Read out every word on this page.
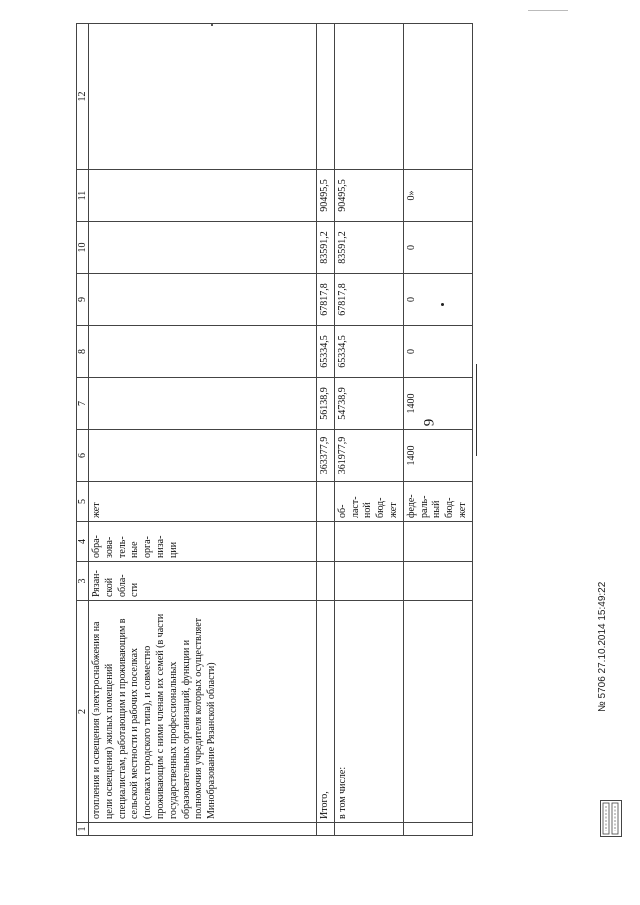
9
1	2	3	4	5	6	7	8	9	10	11	12
	отопления и освещения (электроснабжения на цели освещения) жилых помещений специалистам, работающим и проживающим в сельской местности и рабочих поселках (поселках городского типа), и совместно проживающим с ними членам их семей (в части государственных профессиональных образовательных организаций, функции и полномочия учредителя которых осуществляет Минобразование Рязанской области)	Рязан-ской обла-сти	обра-зова-тель-ные орга-низа-ции	жет							
	Итого,				363377,9	56138,9	65334,5	67817,8	83591,2	90495,5	
	в том числе:			об-ласт-ной бюд-жет	361977,9	54738,9	65334,5	67817,8	83591,2	90495,5	
				феде-раль-ный бюд-жет	1400	1400	0	0	0	0»	
№ 5706 27.10.2014 15:49:22
